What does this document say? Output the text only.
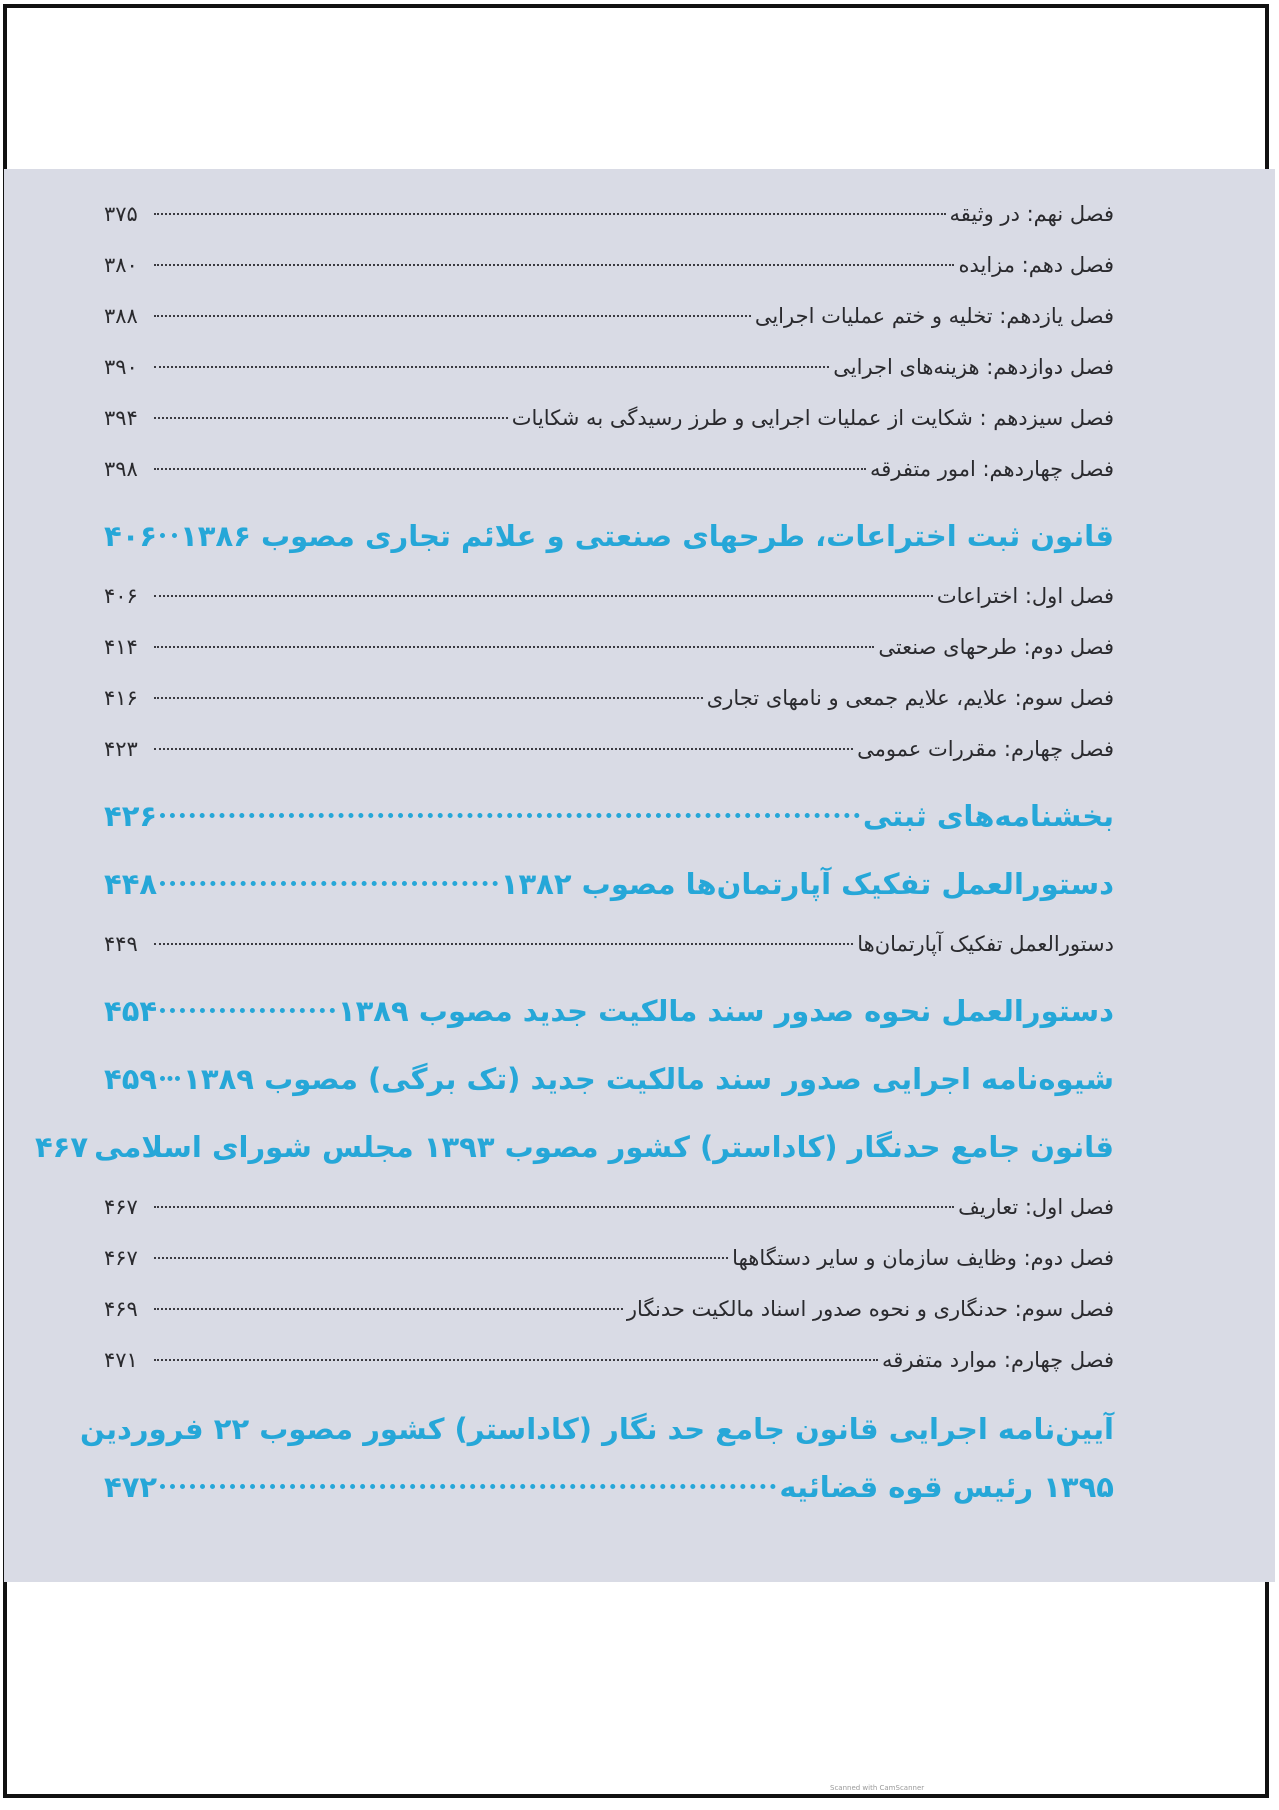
فصل نهم: در وثیقه
۳۷۵
فصل دهم: مزایده
۳۸۰
فصل یازدهم: تخلیه و ختم عملیات اجرایی
۳۸۸
فصل دوازدهم: هزینه‌های اجرایی
۳۹۰
فصل سیزدهم : شکایت از عملیات اجرایی و طرز رسیدگی به شکایات
۳۹۴
فصل چهاردهم: امور متفرقه
۳۹۸
قانون ثبت اختراعات، طرحهای صنعتی و علائم تجاری مصوب ۱۳۸۶
۴۰۶
فصل اول: اختراعات
۴۰۶
فصل دوم: طرحهای صنعتی
۴۱۴
فصل سوم: علایم، علایم جمعی و نامهای تجاری
۴۱۶
فصل چهارم: مقررات عمومی
۴۲۳
بخشنامه‌های ثبتی
۴۲۶
دستورالعمل تفکیک آپارتمان‌ها مصوب ۱۳۸۲
۴۴۸
دستورالعمل تفکیک آپارتمان‌ها
۴۴۹
دستورالعمل نحوه صدور سند مالکیت جدید مصوب ۱۳۸۹
۴۵۴
شیوه‌نامه اجرایی صدور سند مالکیت جدید (تک برگی) مصوب ۱۳۸۹
۴۵۹
قانون جامع حدنگار (کاداستر) کشور مصوب ۱۳۹۳ مجلس شورای اسلامی
۴۶۷
فصل اول: تعاریف
۴۶۷
فصل دوم: وظایف سازمان و سایر دستگاهها
۴۶۷
فصل سوم: حدنگاری و نحوه صدور اسناد مالکیت حدنگار
۴۶۹
فصل چهارم: موارد متفرقه
۴۷۱
آیین‌نامه اجرایی قانون جامع حد نگار (کاداستر) کشور مصوب ۲۲ فروردین
۱۳۹۵ رئیس قوه قضائیه
۴۷۲
Scanned with CamScanner
